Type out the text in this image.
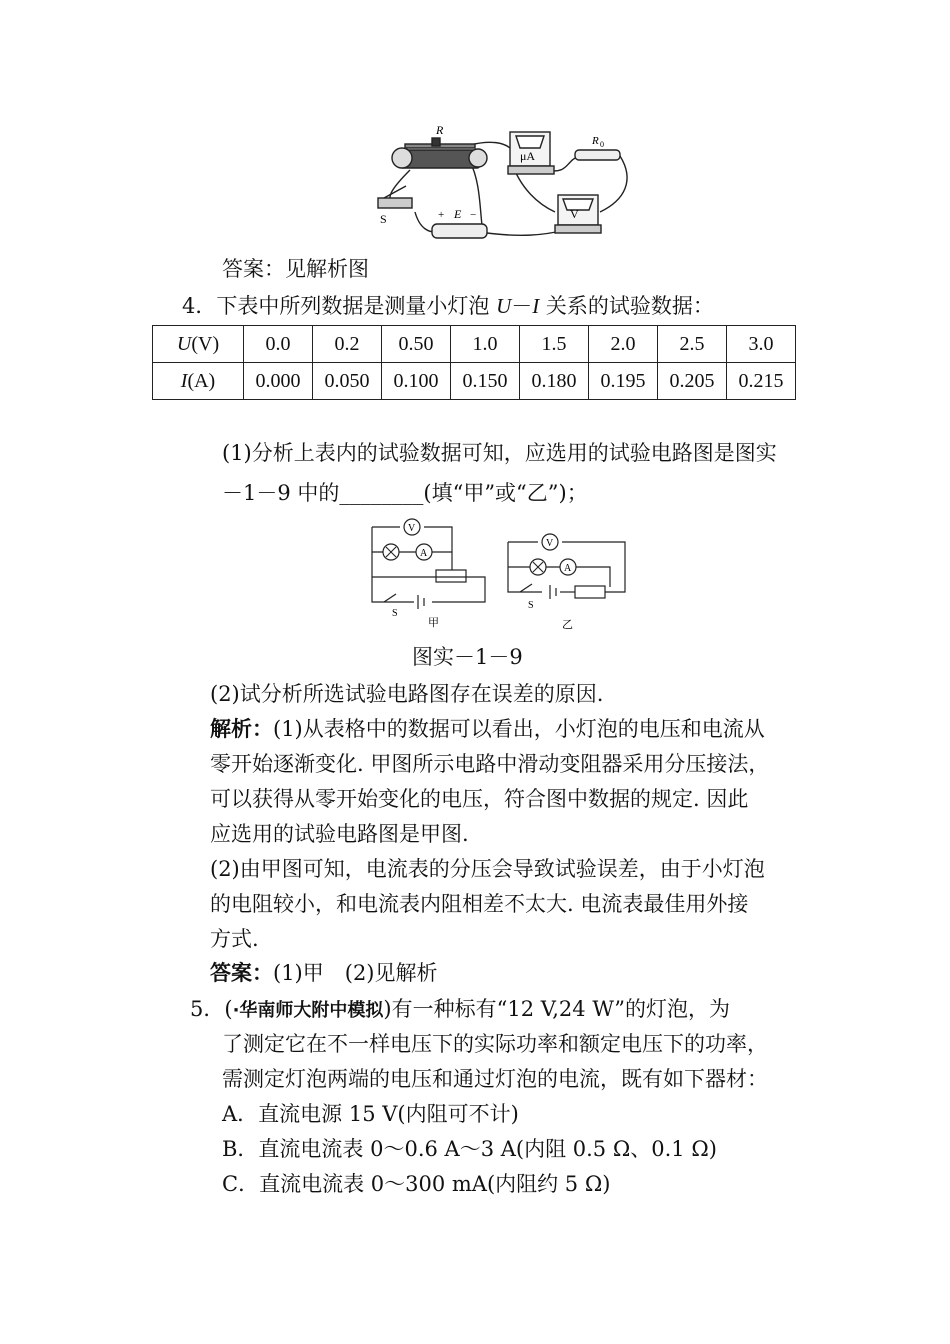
R
μA
R 0
V
S	+ E −
答案：见解析图
4．下表中所列数据是测量小灯泡 U－I 关系的试验数据：
U(V)	0.0	0.2	0.50	1.0	1.5	2.0	2.5	3.0
I(A)	0.000	0.050	0.100	0.150	0.180	0.195	0.205	0.215
(1)分析上表内的试验数据可知，应选用的试验电路图是图实
－1－9 中的________(填“甲”或“乙”)；
V
A
V
A
S
S
甲	乙
图实－1－9
(2)试分析所选试验电路图存在误差的原因.
解析：(1)从表格中的数据可以看出，小灯泡的电压和电流从
零开始逐渐变化. 甲图所示电路中滑动变阻器采用分压接法，
可以获得从零开始变化的电压，符合图中数据的规定. 因此
应选用的试验电路图是甲图.
(2)由甲图可知，电流表的分压会导致试验误差，由于小灯泡
的电阻较小，和电流表内阻相差不太大. 电流表最佳用外接
方式.
答案：(1)甲　(2)见解析
5．(·华南师大附中模拟)有一种标有“12 V,24 W”的灯泡，为
了测定它在不一样电压下的实际功率和额定电压下的功率，
需测定灯泡两端的电压和通过灯泡的电流，既有如下器材：
A．直流电源 15 V(内阻可不计)
B．直流电流表 0～0.6 A～3 A(内阻 0.5 Ω、0.1 Ω)
C．直流电流表 0～300 mA(内阻约 5 Ω)
